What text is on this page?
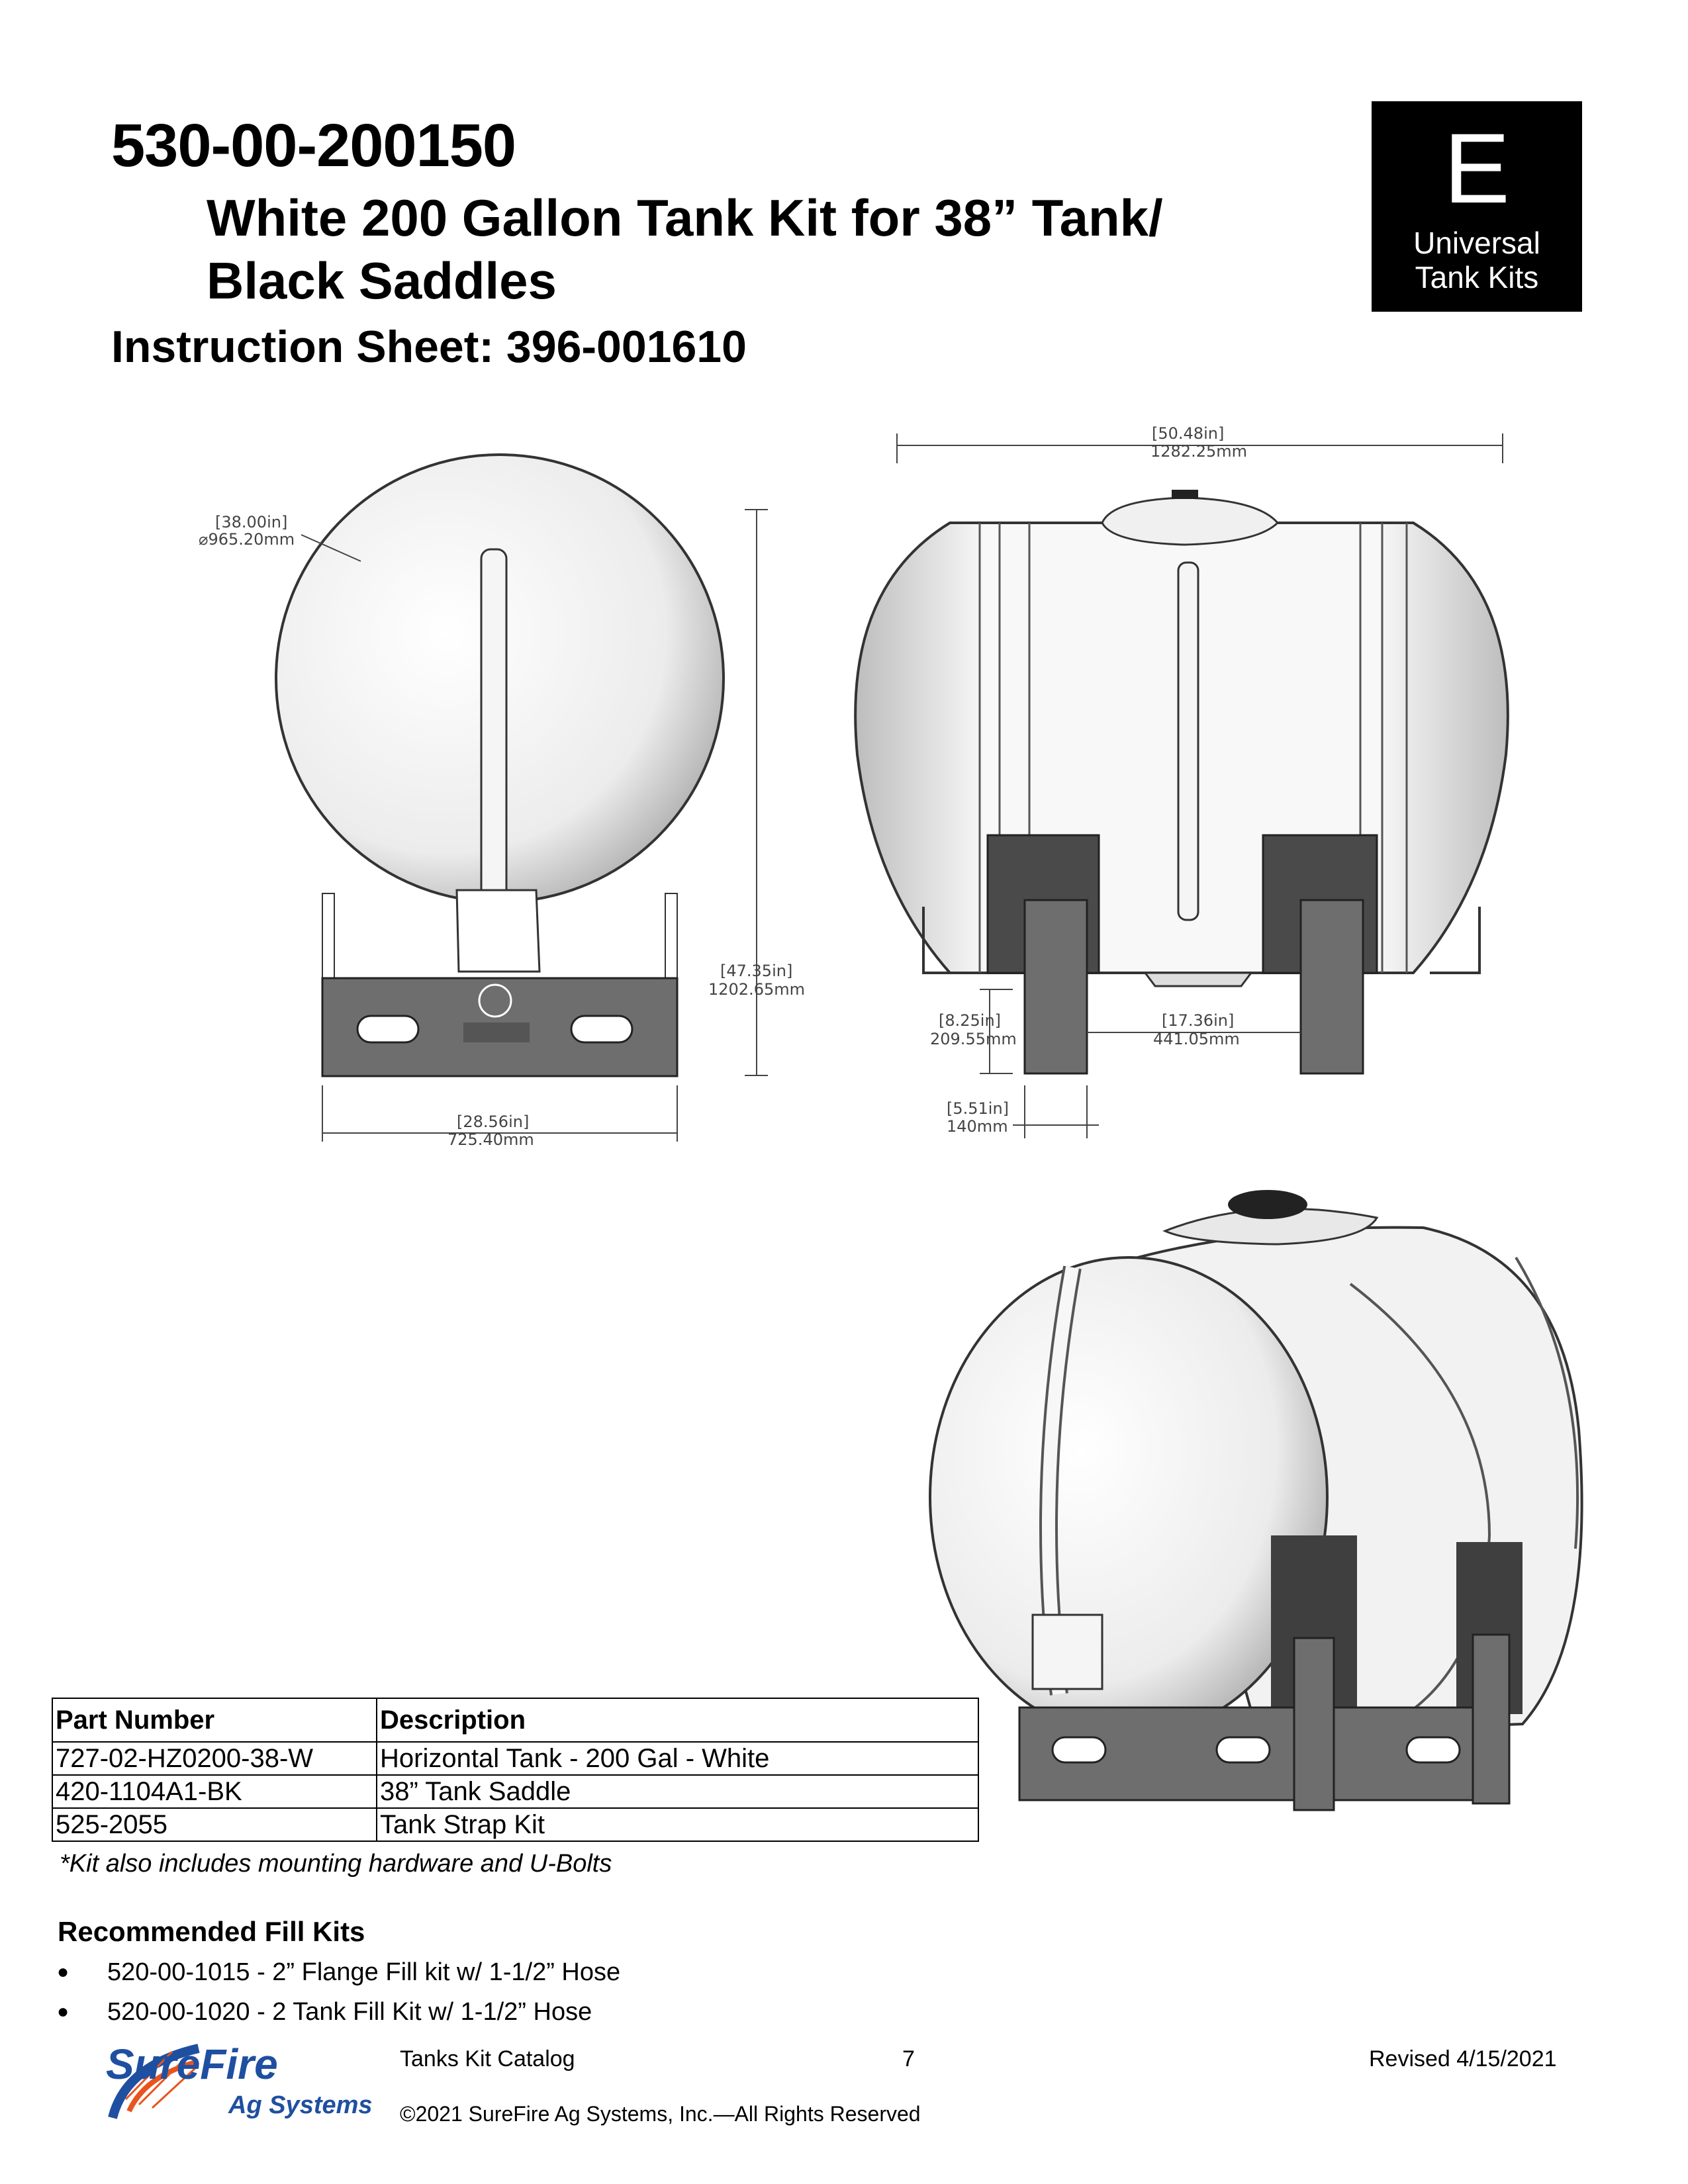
530-00-200150
White 200 Gallon Tank Kit for 38” Tank/
Black Saddles
Instruction Sheet: 396-001610
E
Universal
Tank Kits
[38.00in]
⌀965.20mm
[47.35in]
1202.65mm
[28.56in]
725.40mm
[50.48in]
1282.25mm
[8.25in]
209.55mm
[17.36in]
441.05mm
[5.51in]
140mm
Part Number	Description
727-02-HZ0200-38-W	Horizontal Tank - 200 Gal - White
420-1104A1-BK	38” Tank Saddle
525-2055	Tank Strap Kit
*Kit also includes mounting hardware and U-Bolts
Recommended Fill Kits
● 520-00-1015 - 2” Flange Fill kit w/ 1-1/2” Hose
● 520-00-1020 - 2 Tank Fill Kit w/ 1-1/2” Hose
SureFire
Ag Systems
Tanks Kit Catalog	7	Revised 4/15/2021
©2021 SureFire Ag Systems, Inc.—All Rights Reserved
